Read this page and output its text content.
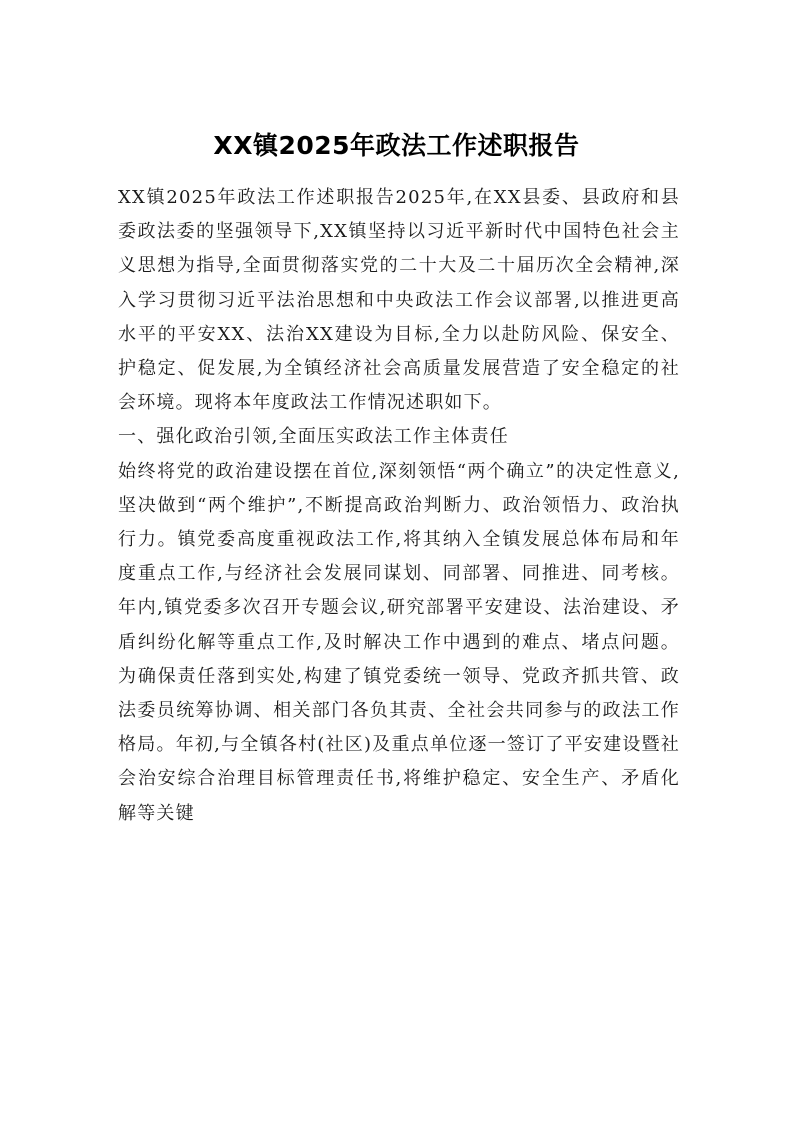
XX镇2025年政法工作述职报告

XX镇2025年政法工作述职报告2025年,在XX县委、县政府和县委政法委的坚强领导下,XX镇坚持以习近平新时代中国特色社会主义思想为指导,全面贯彻落实党的二十大及二十届历次全会精神,深入学习贯彻习近平法治思想和中央政法工作会议部署,以推进更高水平的平安XX、法治XX建设为目标,全力以赴防风险、保安全、护稳定、促发展,为全镇经济社会高质量发展营造了安全稳定的社会环境。现将本年度政法工作情况述职如下。

一、强化政治引领,全面压实政法工作主体责任

始终将党的政治建设摆在首位,深刻领悟“两个确立”的决定性意义,坚决做到“两个维护”,不断提高政治判断力、政治领悟力、政治执行力。镇党委高度重视政法工作,将其纳入全镇发展总体布局和年度重点工作,与经济社会发展同谋划、同部署、同推进、同考核。年内,镇党委多次召开专题会议,研究部署平安建设、法治建设、矛盾纠纷化解等重点工作,及时解决工作中遇到的难点、堵点问题。为确保责任落到实处,构建了镇党委统一领导、党政齐抓共管、政法委员统筹协调、相关部门各负其责、全社会共同参与的政法工作格局。年初,与全镇各村(社区)及重点单位逐一签订了平安建设暨社会治安综合治理目标管理责任书,将维护稳定、安全生产、矛盾化解等关键
